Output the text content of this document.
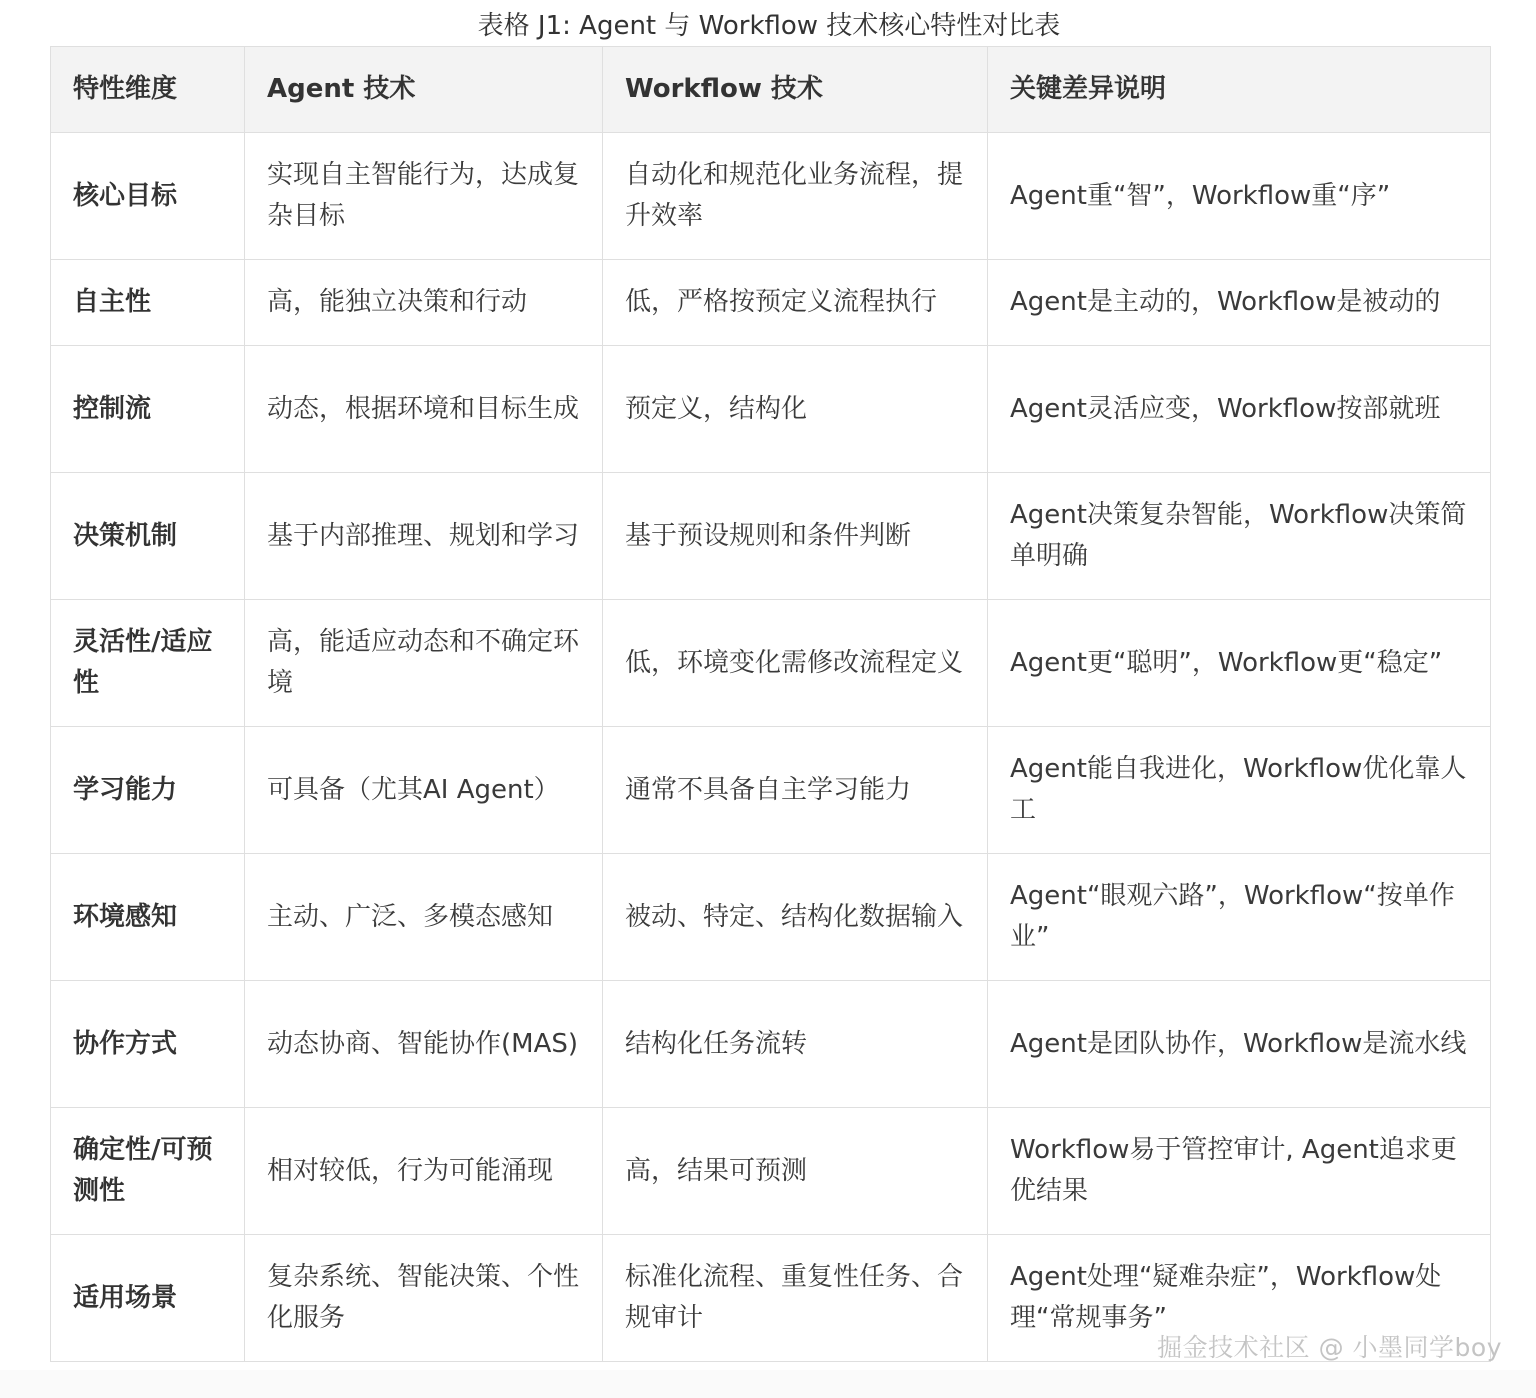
表格 J1: Agent 与 Workflow 技术核心特性对比表
特性维度	Agent 技术	Workflow 技术	关键差异说明
核心目标	实现自主智能行为，达成复杂目标	自动化和规范化业务流程，提升效率	Agent重“智”，Workflow重“序”
自主性	高，能独立决策和行动	低，严格按预定义流程执行	Agent是主动的，Workflow是被动的
控制流	动态，根据环境和目标生成	预定义，结构化	Agent灵活应变，Workflow按部就班
决策机制	基于内部推理、规划和学习	基于预设规则和条件判断	Agent决策复杂智能，Workflow决策简单明确
灵活性/适应性	高，能适应动态和不确定环境	低，环境变化需修改流程定义	Agent更“聪明”，Workflow更“稳定”
学习能力	可具备（尤其AI Agent）	通常不具备自主学习能力	Agent能自我进化，Workflow优化靠人工
环境感知	主动、广泛、多模态感知	被动、特定、结构化数据输入	Agent“眼观六路”，Workflow“按单作业”
协作方式	动态协商、智能协作(MAS)	结构化任务流转	Agent是团队协作，Workflow是流水线
确定性/可预测性	相对较低，行为可能涌现	高，结果可预测	Workflow易于管控审计, Agent追求更优结果
适用场景	复杂系统、智能决策、个性化服务	标准化流程、重复性任务、合规审计	Agent处理“疑难杂症”，Workflow处理“常规事务”
掘金技术社区 @ 小墨同学boy
